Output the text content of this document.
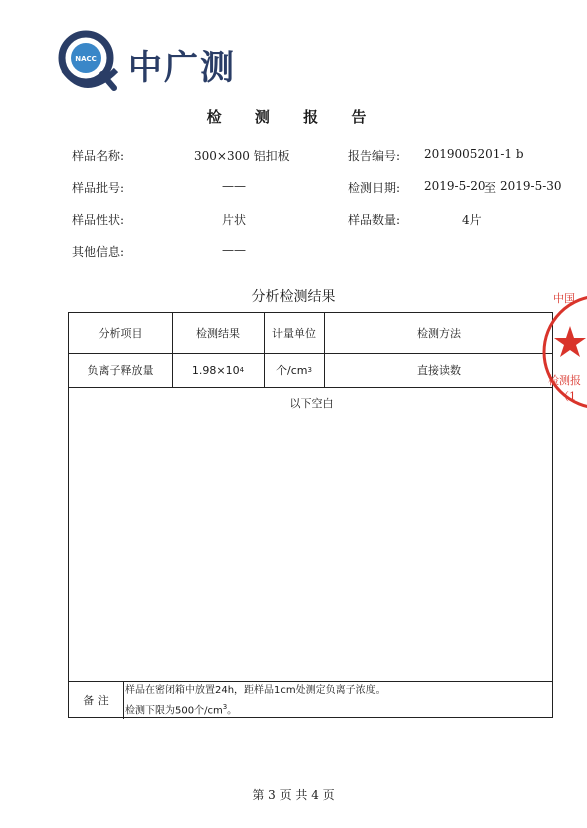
NACC 中广测
检 测 报 告
样品名称:	300×300 铝扣板	报告编号: 2019005201-1 b
样品批号:	——	检测日期: 2019-5-20
至 2019-5-30
样品性状:	片状	样品数量:	4片
其他信息:	——
分析检测结果
分析项目	检测结果	计量单位	检测方法
负离子释放量	1.98×10 4	个/cm 3	直接读数
以下空白
备 注
样品在密闭箱中放置24h，距样品1cm处测定负离子浓度。
检测下限为500个$/cm^3$。
中国
检测报
（1
第 3 页 共 4 页
